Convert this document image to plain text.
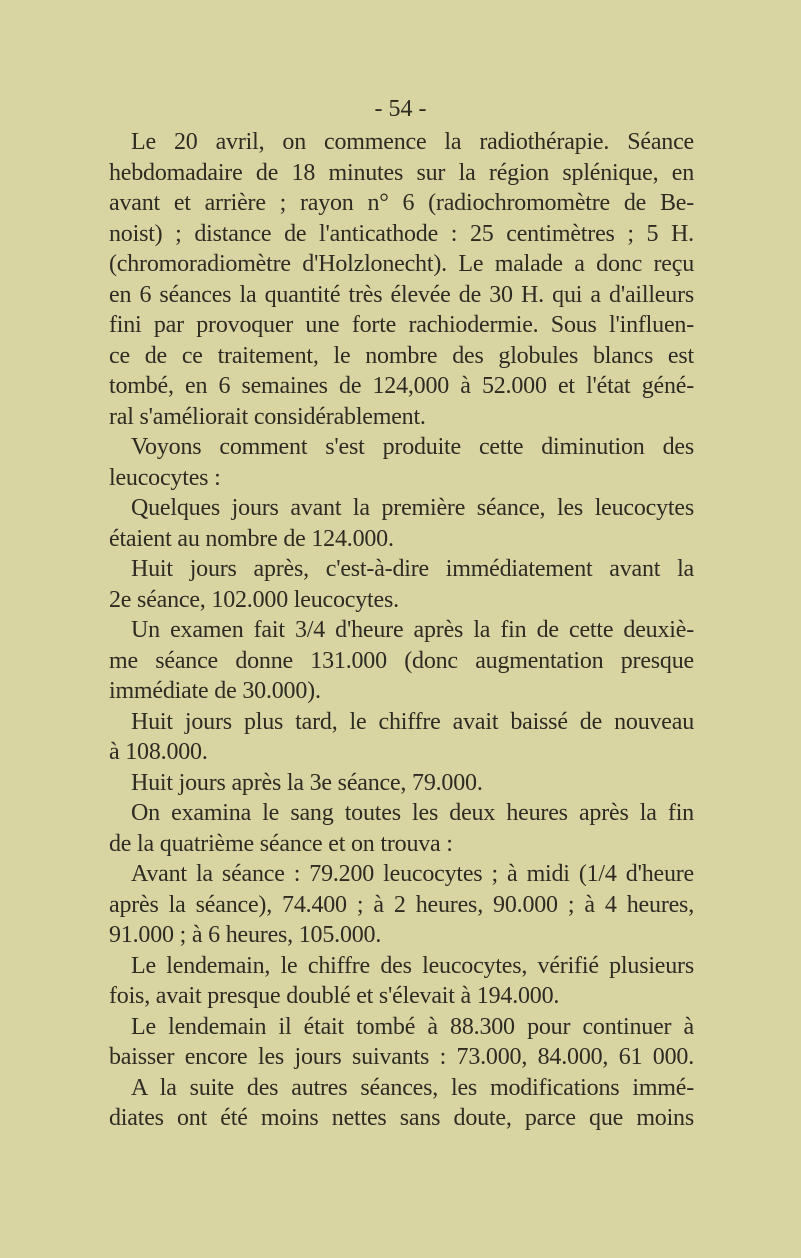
- 54 -
Le 20 avril, on commence la radiothérapie. Séance
hebdomadaire de 18 minutes sur la région splénique, en
avant et arrière ; rayon n° 6 (radiochromomètre de Be-
noist) ; distance de l'anticathode : 25 centimètres ; 5 H.
(chromoradiomètre d'Holzlonecht). Le malade a donc reçu
en 6 séances la quantité très élevée de 30 H. qui a d'ailleurs
fini par provoquer une forte rachiodermie. Sous l'influen-
ce de ce traitement, le nombre des globules blancs est
tombé, en 6 semaines de 124,000 à 52.000 et l'état géné-
ral s'améliorait considérablement.
Voyons comment s'est produite cette diminution des
leucocytes :
Quelques jours avant la première séance, les leucocytes
étaient au nombre de 124.000.
Huit jours après, c'est-à-dire immédiatement avant la
2e séance, 102.000 leucocytes.
Un examen fait 3/4 d'heure après la fin de cette deuxiè-
me séance donne 131.000 (donc augmentation presque
immédiate de 30.000).
Huit jours plus tard, le chiffre avait baissé de nouveau
à 108.000.
Huit jours après la 3e séance, 79.000.
On examina le sang toutes les deux heures après la fin
de la quatrième séance et on trouva :
Avant la séance : 79.200 leucocytes ; à midi (1/4 d'heure
après la séance), 74.400 ; à 2 heures, 90.000 ; à 4 heures,
91.000 ; à 6 heures, 105.000.
Le lendemain, le chiffre des leucocytes, vérifié plusieurs
fois, avait presque doublé et s'élevait à 194.000.
Le lendemain il était tombé à 88.300 pour continuer à
baisser encore les jours suivants : 73.000, 84.000, 61 000.
A la suite des autres séances, les modifications immé-
diates ont été moins nettes sans doute, parce que moins
